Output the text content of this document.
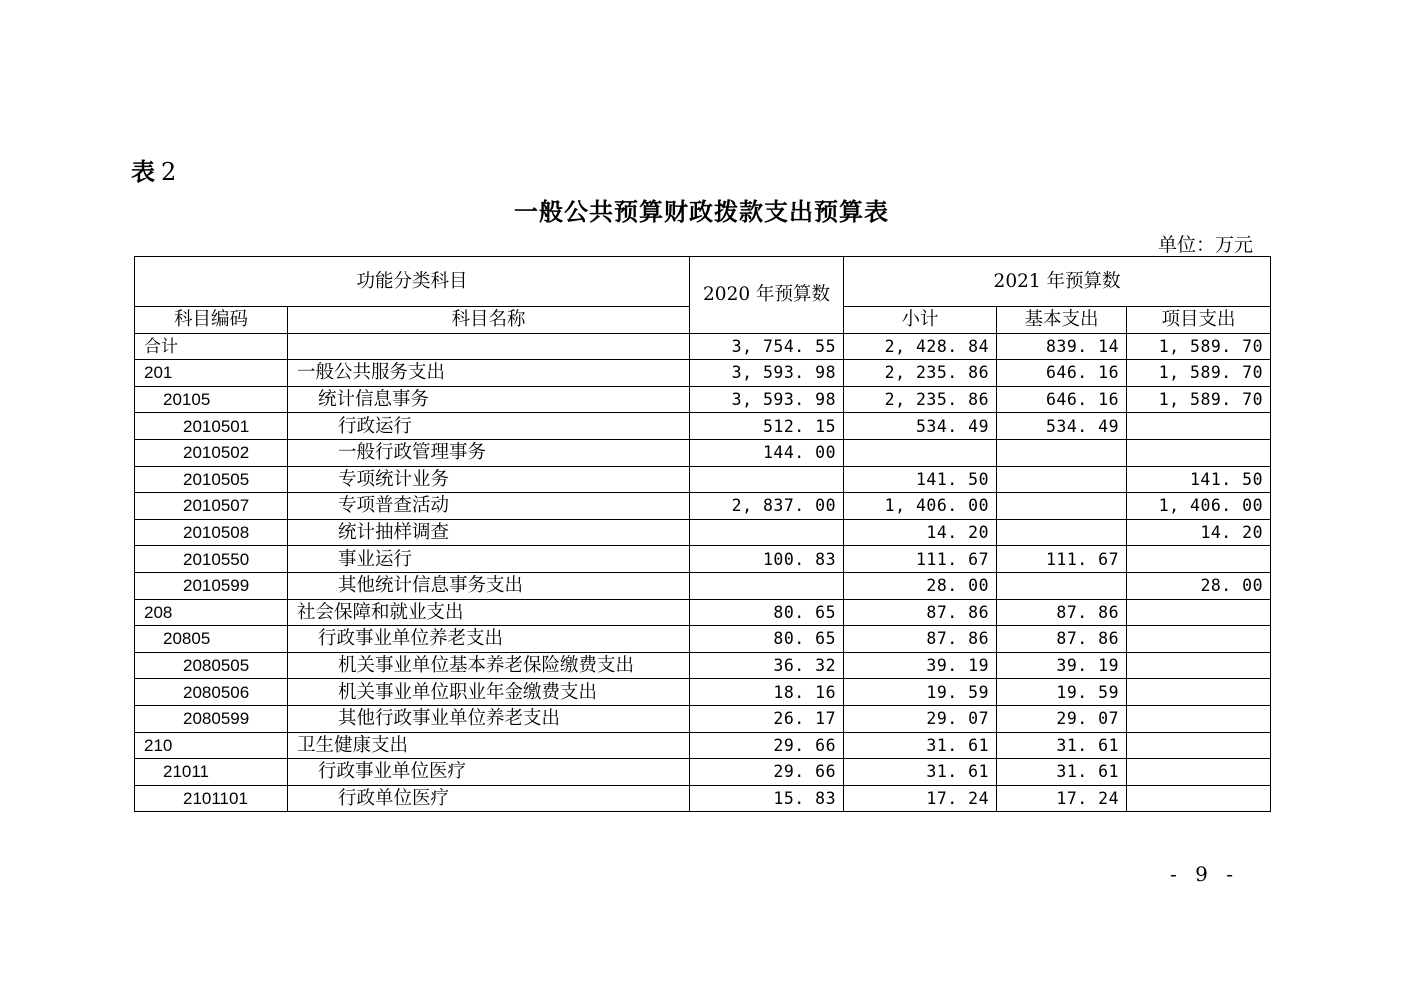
表 2
一般公共预算财政拨款支出预算表
单位：万元
功能分类科目		2020 年预算数	2021 年预算数		
科目编码	科目名称		小计	基本支出	项目支出
合计		3, 754. 55	2, 428. 84	839. 14	1, 589. 70
201	一般公共服务支出	3, 593. 98	2, 235. 86	646. 16	1, 589. 70
20105	统计信息事务	3, 593. 98	2, 235. 86	646. 16	1, 589. 70
2010501	行政运行	512. 15	534. 49	534. 49	
2010502	一般行政管理事务	144. 00			
2010505	专项统计业务		141. 50		141. 50
2010507	专项普查活动	2, 837. 00	1, 406. 00		1, 406. 00
2010508	统计抽样调查		14. 20		14. 20
2010550	事业运行	100. 83	111. 67	111. 67	
2010599	其他统计信息事务支出		28. 00		28. 00
208	社会保障和就业支出	80. 65	87. 86	87. 86	
20805	行政事业单位养老支出	80. 65	87. 86	87. 86	
2080505	机关事业单位基本养老保险缴费支出	36. 32	39. 19	39. 19	
2080506	机关事业单位职业年金缴费支出	18. 16	19. 59	19. 59	
2080599	其他行政事业单位养老支出	26. 17	29. 07	29. 07	
210	卫生健康支出	29. 66	31. 61	31. 61	
21011	行政事业单位医疗	29. 66	31. 61	31. 61	
2101101	行政单位医疗	15. 83	17. 24	17. 24	
- 9 -
